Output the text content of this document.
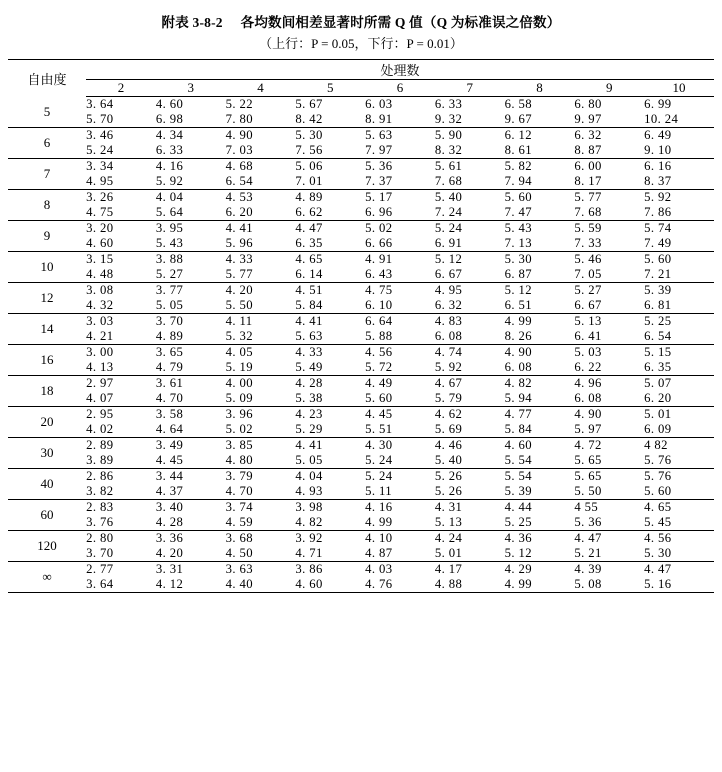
附表 3-8-2 各均数间相差显著时所需 Q 值（Q 为标准误之倍数）
（上行：P = 0.05，下行：P = 0.01）
自由度	处理数								
	2	3	4	5	6	7	8	9	10
5	3. 64	4. 60	5. 22	5. 67	6. 03	6. 33	6. 58	6. 80	6. 99
	5. 70	6. 98	7. 80	8. 42	8. 91	9. 32	9. 67	9. 97	10. 24
6	3. 46	4. 34	4. 90	5. 30	5. 63	5. 90	6. 12	6. 32	6. 49
	5. 24	6. 33	7. 03	7. 56	7. 97	8. 32	8. 61	8. 87	9. 10
7	3. 34	4. 16	4. 68	5. 06	5. 36	5. 61	5. 82	6. 00	6. 16
	4. 95	5. 92	6. 54	7. 01	7. 37	7. 68	7. 94	8. 17	8. 37
8	3. 26	4. 04	4. 53	4. 89	5. 17	5. 40	5. 60	5. 77	5. 92
	4. 75	5. 64	6. 20	6. 62	6. 96	7. 24	7. 47	7. 68	7. 86
9	3. 20	3. 95	4. 41	4. 47	5. 02	5. 24	5. 43	5. 59	5. 74
	4. 60	5. 43	5. 96	6. 35	6. 66	6. 91	7. 13	7. 33	7. 49
10	3. 15	3. 88	4. 33	4. 65	4. 91	5. 12	5. 30	5. 46	5. 60
	4. 48	5. 27	5. 77	6. 14	6. 43	6. 67	6. 87	7. 05	7. 21
12	3. 08	3. 77	4. 20	4. 51	4. 75	4. 95	5. 12	5. 27	5. 39
	4. 32	5. 05	5. 50	5. 84	6. 10	6. 32	6. 51	6. 67	6. 81
14	3. 03	3. 70	4. 11	4. 41	6. 64	4. 83	4. 99	5. 13	5. 25
	4. 21	4. 89	5. 32	5. 63	5. 88	6. 08	8. 26	6. 41	6. 54
16	3. 00	3. 65	4. 05	4. 33	4. 56	4. 74	4. 90	5. 03	5. 15
	4. 13	4. 79	5. 19	5. 49	5. 72	5. 92	6. 08	6. 22	6. 35
18	2. 97	3. 61	4. 00	4. 28	4. 49	4. 67	4. 82	4. 96	5. 07
	4. 07	4. 70	5. 09	5. 38	5. 60	5. 79	5. 94	6. 08	6. 20
20	2. 95	3. 58	3. 96	4. 23	4. 45	4. 62	4. 77	4. 90	5. 01
	4. 02	4. 64	5. 02	5. 29	5. 51	5. 69	5. 84	5. 97	6. 09
30	2. 89	3. 49	3. 85	4. 41	4. 30	4. 46	4. 60	4. 72	4 82
	3. 89	4. 45	4. 80	5. 05	5. 24	5. 40	5. 54	5. 65	5. 76
40	2. 86	3. 44	3. 79	4. 04	5. 24	5. 26	5. 54	5. 65	5. 76
	3. 82	4. 37	4. 70	4. 93	5. 11	5. 26	5. 39	5. 50	5. 60
60	2. 83	3. 40	3. 74	3. 98	4. 16	4. 31	4. 44	4 55	4. 65
	3. 76	4. 28	4. 59	4. 82	4. 99	5. 13	5. 25	5. 36	5. 45
120	2. 80	3. 36	3. 68	3. 92	4. 10	4. 24	4. 36	4. 47	4. 56
	3. 70	4. 20	4. 50	4. 71	4. 87	5. 01	5. 12	5. 21	5. 30
∞	2. 77	3. 31	3. 63	3. 86	4. 03	4. 17	4. 29	4. 39	4. 47
	3. 64	4. 12	4. 40	4. 60	4. 76	4. 88	4. 99	5. 08	5. 16
